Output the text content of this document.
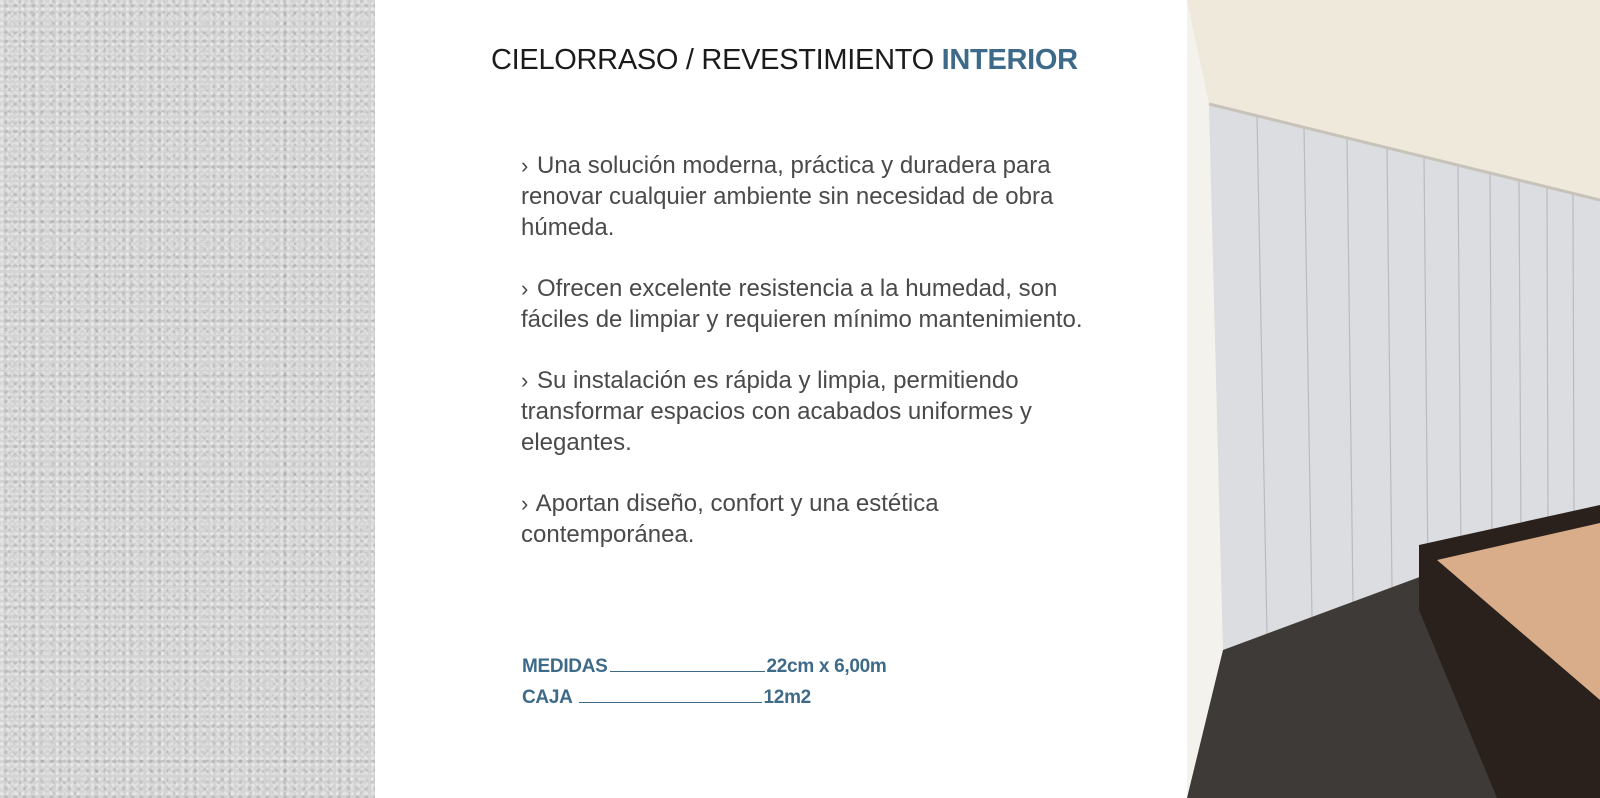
CIELORRASO / REVESTIMIENTO INTERIOR
› Una solución moderna, práctica y duradera para renovar cualquier ambiente sin necesidad de obra húmeda.
› Ofrecen excelente resistencia a la humedad, son fáciles de limpiar y requieren mínimo mantenimiento.
› Su instalación es rápida y limpia, permitiendo transformar espacios con acabados uniformes y elegantes.
› Aportan diseño, confort y una estética contemporánea.
MEDIDAS	22cm x 6,00m
CAJA	12m2
